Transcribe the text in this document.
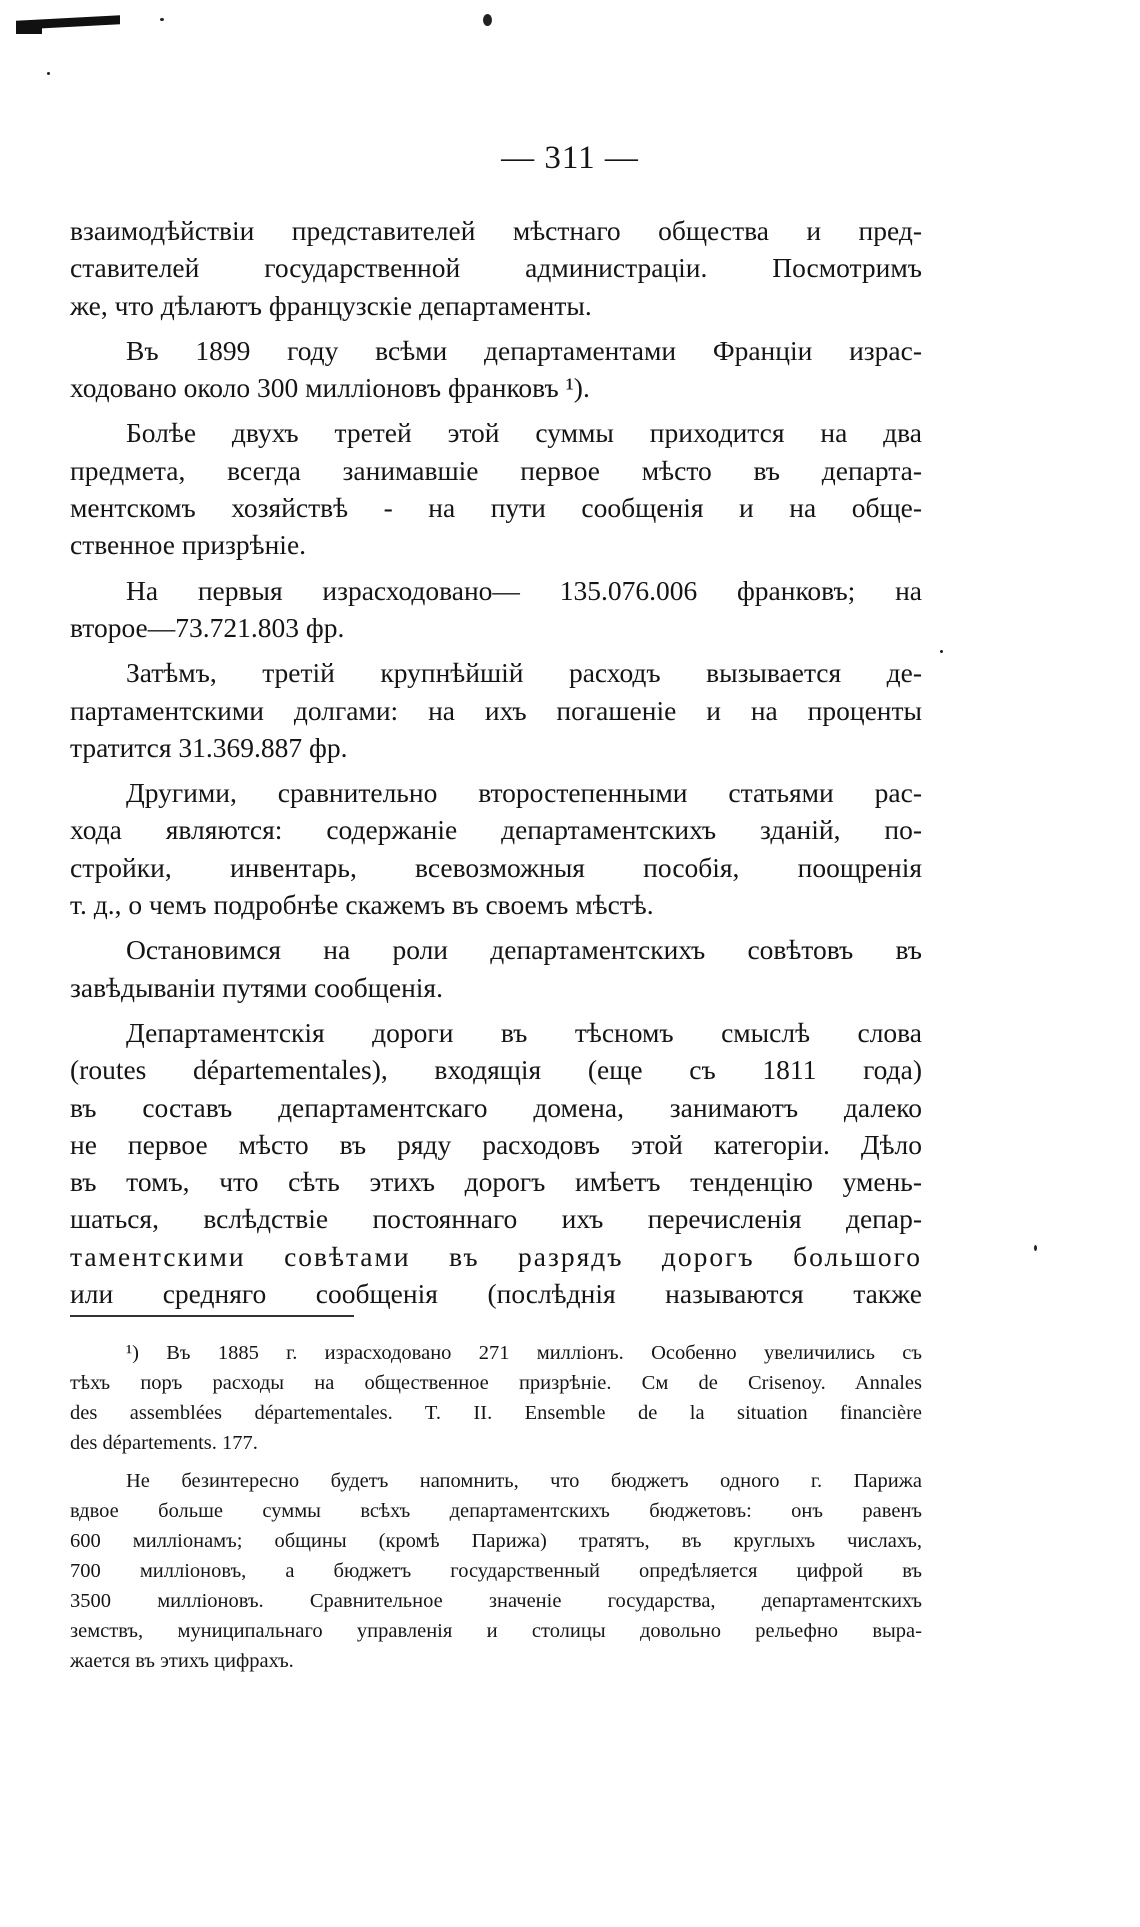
— 311 —
взаимодѣйствіи представителей мѣстнаго общества и пред-
ставителей государственной администраціи. Посмотримъ
же, что дѣлаютъ французскіе департаменты.
Въ 1899 году всѣми департаментами Франціи израс-
ходовано около 300 милліоновъ франковъ ¹).
Болѣе двухъ третей этой суммы приходится на два
предмета, всегда занимавшіе первое мѣсто въ департа-
ментскомъ хозяйствѣ - на пути сообщенія и на обще-
ственное призрѣніе.
На первыя израсходовано— 135.076.006 франковъ; на
второе—73.721.803 фр.
Затѣмъ, третій крупнѣйшій расходъ вызывается де-
партаментскими долгами: на ихъ погашеніе и на проценты
тратится 31.369.887 фр.
Другими, сравнительно второстепенными статьями рас-
хода являются: содержаніе департаментскихъ зданій, по-
стройки, инвентарь, всевозможныя пособія, поощренія
т. д., о чемъ подробнѣе скажемъ въ своемъ мѣстѣ.
Остановимся на роли департаментскихъ совѣтовъ въ
завѣдываніи путями сообщенія.
Департаментскія дороги въ тѣсномъ смыслѣ слова
(routes départementales), входящія (еще съ 1811 года)
въ составъ департаментскаго домена, занимаютъ далеко
не первое мѣсто въ ряду расходовъ этой категоріи. Дѣло
въ томъ, что сѣть этихъ дорогъ имѣетъ тенденцію умень-
шаться, вслѣдствіе постояннаго ихъ перечисленія депар-
таментскими совѣтами въ разрядъ дорогъ большого
или средняго сообщенія (послѣднія называются также
¹) Въ 1885 г. израсходовано 271 милліонъ. Особенно увеличились съ
тѣхъ поръ расходы на общественное призрѣніе. См de Crisenoy. Annales
des assemblées départementales. T. II. Ensemble de la situation financière
des départements. 177.
Не безинтересно будетъ напомнить, что бюджетъ одного г. Парижа
вдвое больше суммы всѣхъ департаментскихъ бюджетовъ: онъ равенъ
600 милліонамъ; общины (кромѣ Парижа) тратятъ, въ круглыхъ числахъ,
700 милліоновъ, а бюджетъ государственный опредѣляется цифрой въ
3500 милліоновъ. Сравнительное значеніе государства, департаментскихъ
земствъ, муниципальнаго управленія и столицы довольно рельефно выра-
жается въ этихъ цифрахъ.
